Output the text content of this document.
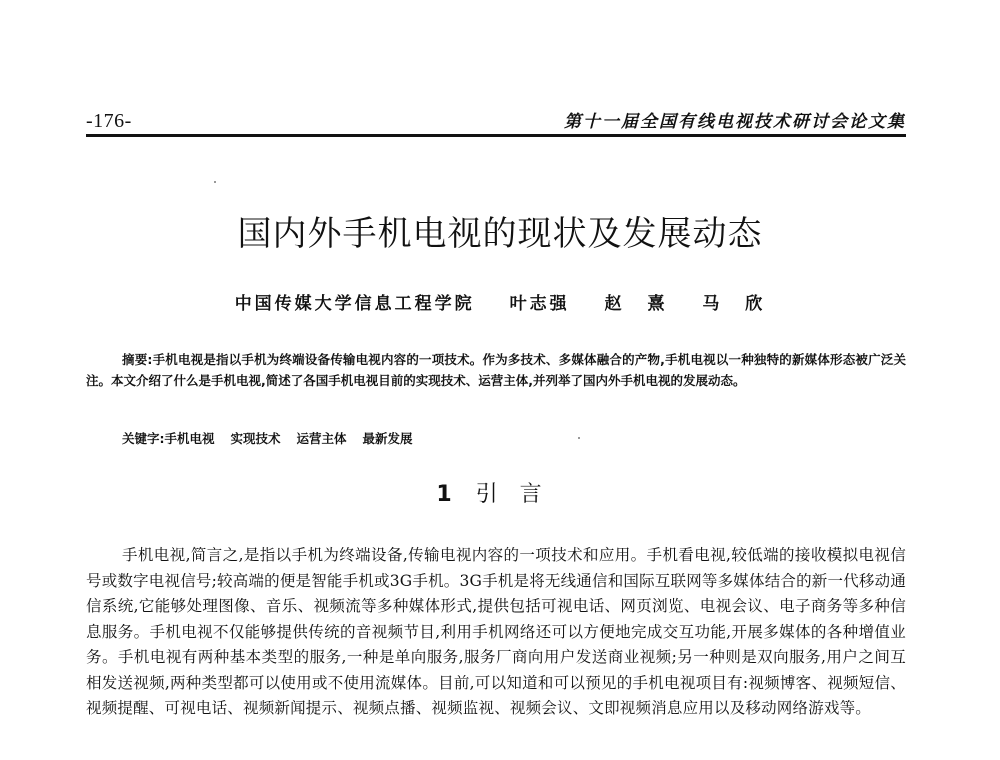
-176-	第十一届全国有线电视技术研讨会论文集
国内外手机电视的现状及发展动态
中国传媒大学信息工程学院 叶志强 赵 熹 马 欣
摘要:手机电视是指以手机为终端设备传输电视内容的一项技术。作为多技术、多媒体融合的产物,手机电视以一种独特的新媒体形态被广泛关注。本文介绍了什么是手机电视,简述了各国手机电视目前的实现技术、运营主体,并列举了国内外手机电视的发展动态。
关键字:手机电视 实现技术 运营主体 最新发展
1 引言
手机电视,简言之,是指以手机为终端设备,传输电视内容的一项技术和应用。手机看电视,较低端的接收模拟电视信号或数字电视信号;较高端的便是智能手机或3G手机。3G手机是将无线通信和国际互联网等多媒体结合的新一代移动通信系统,它能够处理图像、音乐、视频流等多种媒体形式,提供包括可视电话、网页浏览、电视会议、电子商务等多种信息服务。手机电视不仅能够提供传统的音视频节目,利用手机网络还可以方便地完成交互功能,开展多媒体的各种增值业务。手机电视有两种基本类型的服务,一种是单向服务,服务厂商向用户发送商业视频;另一种则是双向服务,用户之间互相发送视频,两种类型都可以使用或不使用流媒体。目前,可以知道和可以预见的手机电视项目有:视频博客、视频短信、视频提醒、可视电话、视频新闻提示、视频点播、视频监视、视频会议、文即视频消息应用以及移动网络游戏等。
